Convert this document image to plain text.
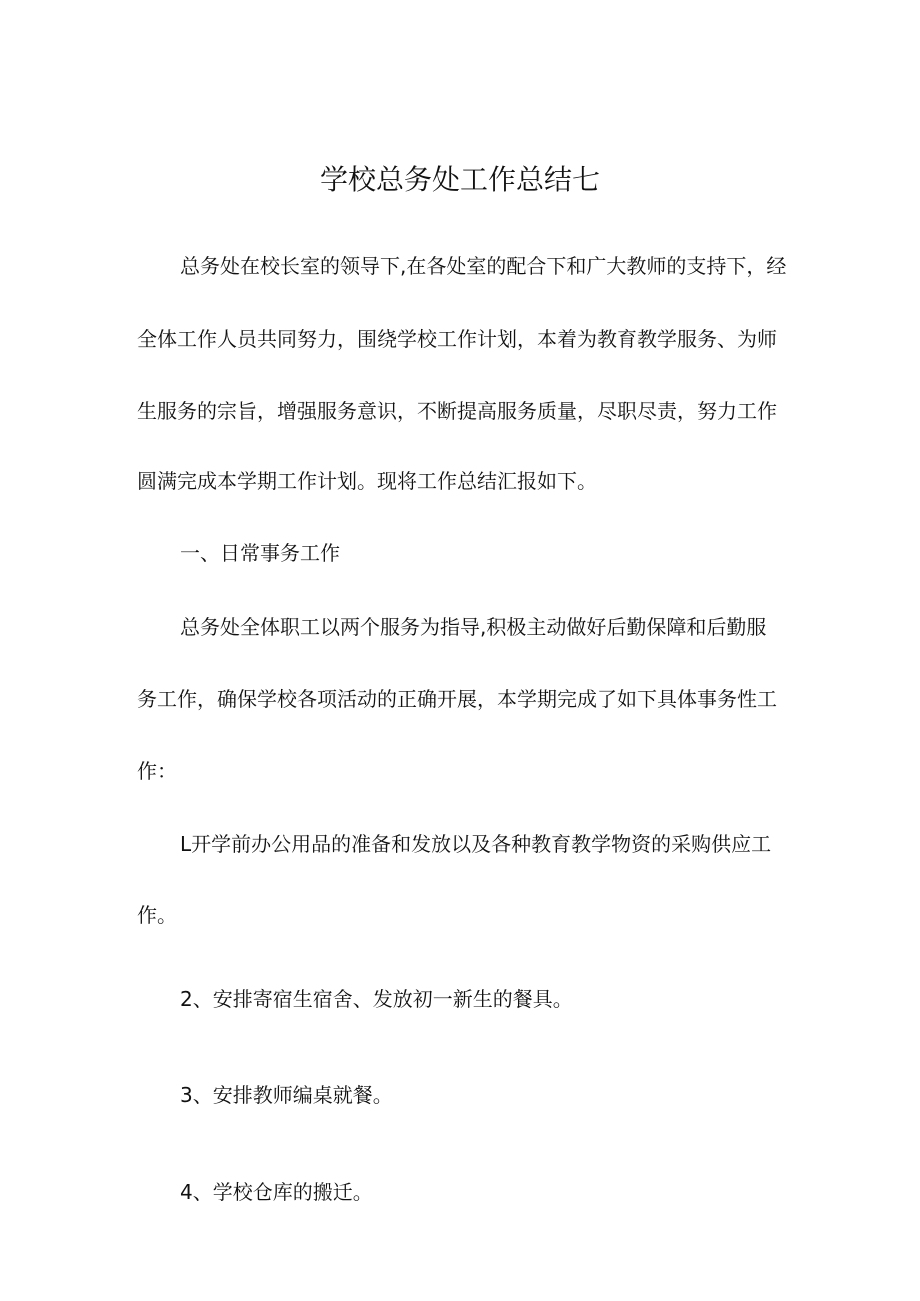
学校总务处工作总结七
总务处在校长室的领导下,在各处室的配合下和广大教师的支持下，经
全体工作人员共同努力，围绕学校工作计划，本着为教育教学服务、为师
生服务的宗旨，增强服务意识，不断提高服务质量，尽职尽责，努力工作
圆满完成本学期工作计划。现将工作总结汇报如下。
一、日常事务工作
总务处全体职工以两个服务为指导,积极主动做好后勤保障和后勤服
务工作，确保学校各项活动的正确开展，本学期完成了如下具体事务性工
作：
L开学前办公用品的准备和发放以及各种教育教学物资的采购供应工
作。
2、安排寄宿生宿舍、发放初一新生的餐具。
3、安排教师编桌就餐。
4、学校仓库的搬迁。
